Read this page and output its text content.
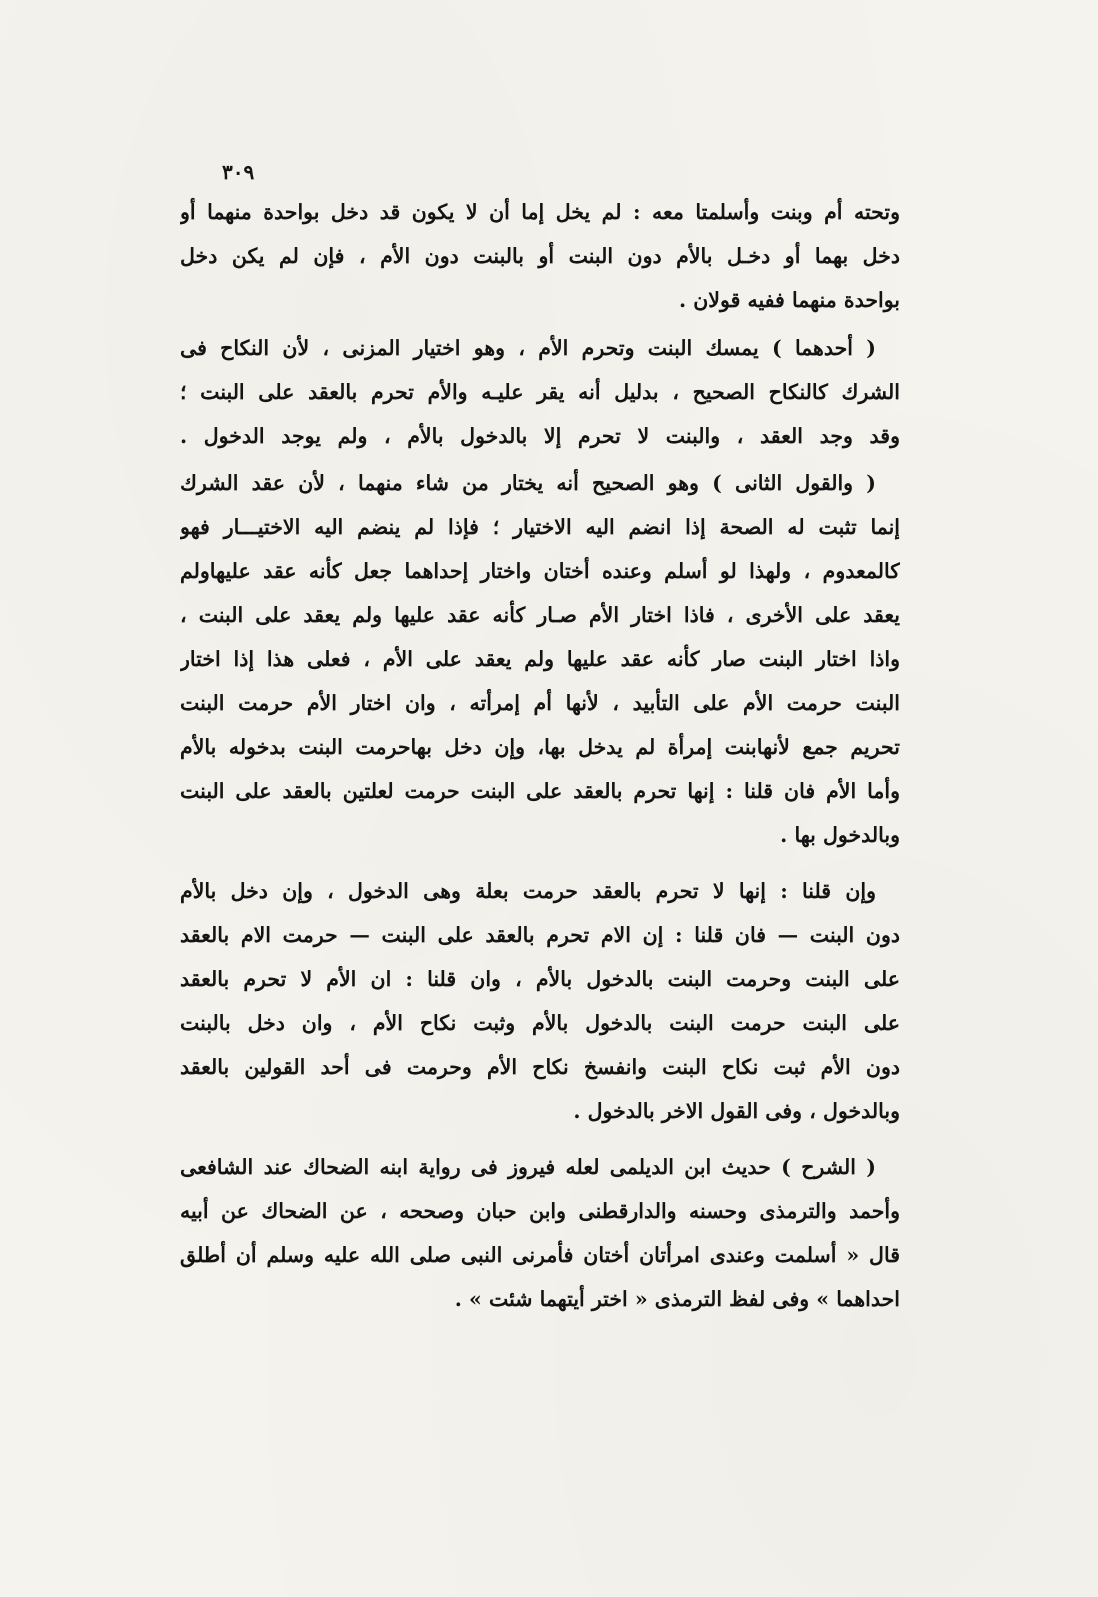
٣٠٩
وتحته أم وبنت وأسلمتا معه : لم يخل إما أن لا يكون قد دخل بواحدة منهما أو
دخل بهما أو دخـل بالأم دون البنت أو بالبنت دون الأم ، فإن لم يكن دخل
بواحدة منهما ففيه قولان .
( أحدهما ) يمسك البنت وتحرم الأم ، وهو اختيار المزنى ، لأن النكاح فى
الشرك كالنكاح الصحيح ، بدليل أنه يقر عليـه والأم تحرم بالعقد على البنت ؛
وقد وجد العقد ، والبنت لا تحرم إلا بالدخول بالأم ، ولم يوجد الدخول .
( والقول الثانى ) وهو الصحيح أنه يختار من شاء منهما ، لأن عقد الشرك
إنما تثبت له الصحة إذا انضم اليه الاختيار ؛ فإذا لم ينضم اليه الاختيـــار فهو
كالمعدوم ، ولهذا لو أسلم وعنده أختان واختار إحداهما جعل كأنه عقد عليهاولم
يعقد على الأخرى ، فاذا اختار الأم صـار كأنه عقد عليها ولم يعقد على البنت ،
واذا اختار البنت صار كأنه عقد عليها ولم يعقد على الأم ، فعلى هذا إذا اختار
البنت حرمت الأم على التأبيد ، لأنها أم إمرأته ، وان اختار الأم حرمت البنت
تحريم جمع لأنهابنت إمرأة لم يدخل بها، وإن دخل بهاحرمت البنت بدخوله بالأم
وأما الأم فان قلنا : إنها تحرم بالعقد على البنت حرمت لعلتين بالعقد على البنت
وبالدخول بها .
وإن قلنا : إنها لا تحرم بالعقد حرمت بعلة وهى الدخول ، وإن دخل بالأم
دون البنت — فان قلنا : إن الام تحرم بالعقد على البنت — حرمت الام بالعقد
على البنت وحرمت البنت بالدخول بالأم ، وان قلنا : ان الأم لا تحرم بالعقد
على البنت حرمت البنت بالدخول بالأم وثبت نكاح الأم ، وان دخل بالبنت
دون الأم ثبت نكاح البنت وانفسخ نكاح الأم وحرمت فى أحد القولين بالعقد
وبالدخول ، وفى القول الاخر بالدخول .
( الشرح ) حديث ابن الديلمى لعله فيروز فى رواية ابنه الضحاك عند الشافعى
وأحمد والترمذى وحسنه والدارقطنى وابن حبان وصححه ، عن الضحاك عن أبيه
قال « أسلمت وعندى امرأتان أختان فأمرنى النبى صلى الله عليه وسلم أن أطلق
احداهما » وفى لفظ الترمذى « اختر أيتهما شئت » .
